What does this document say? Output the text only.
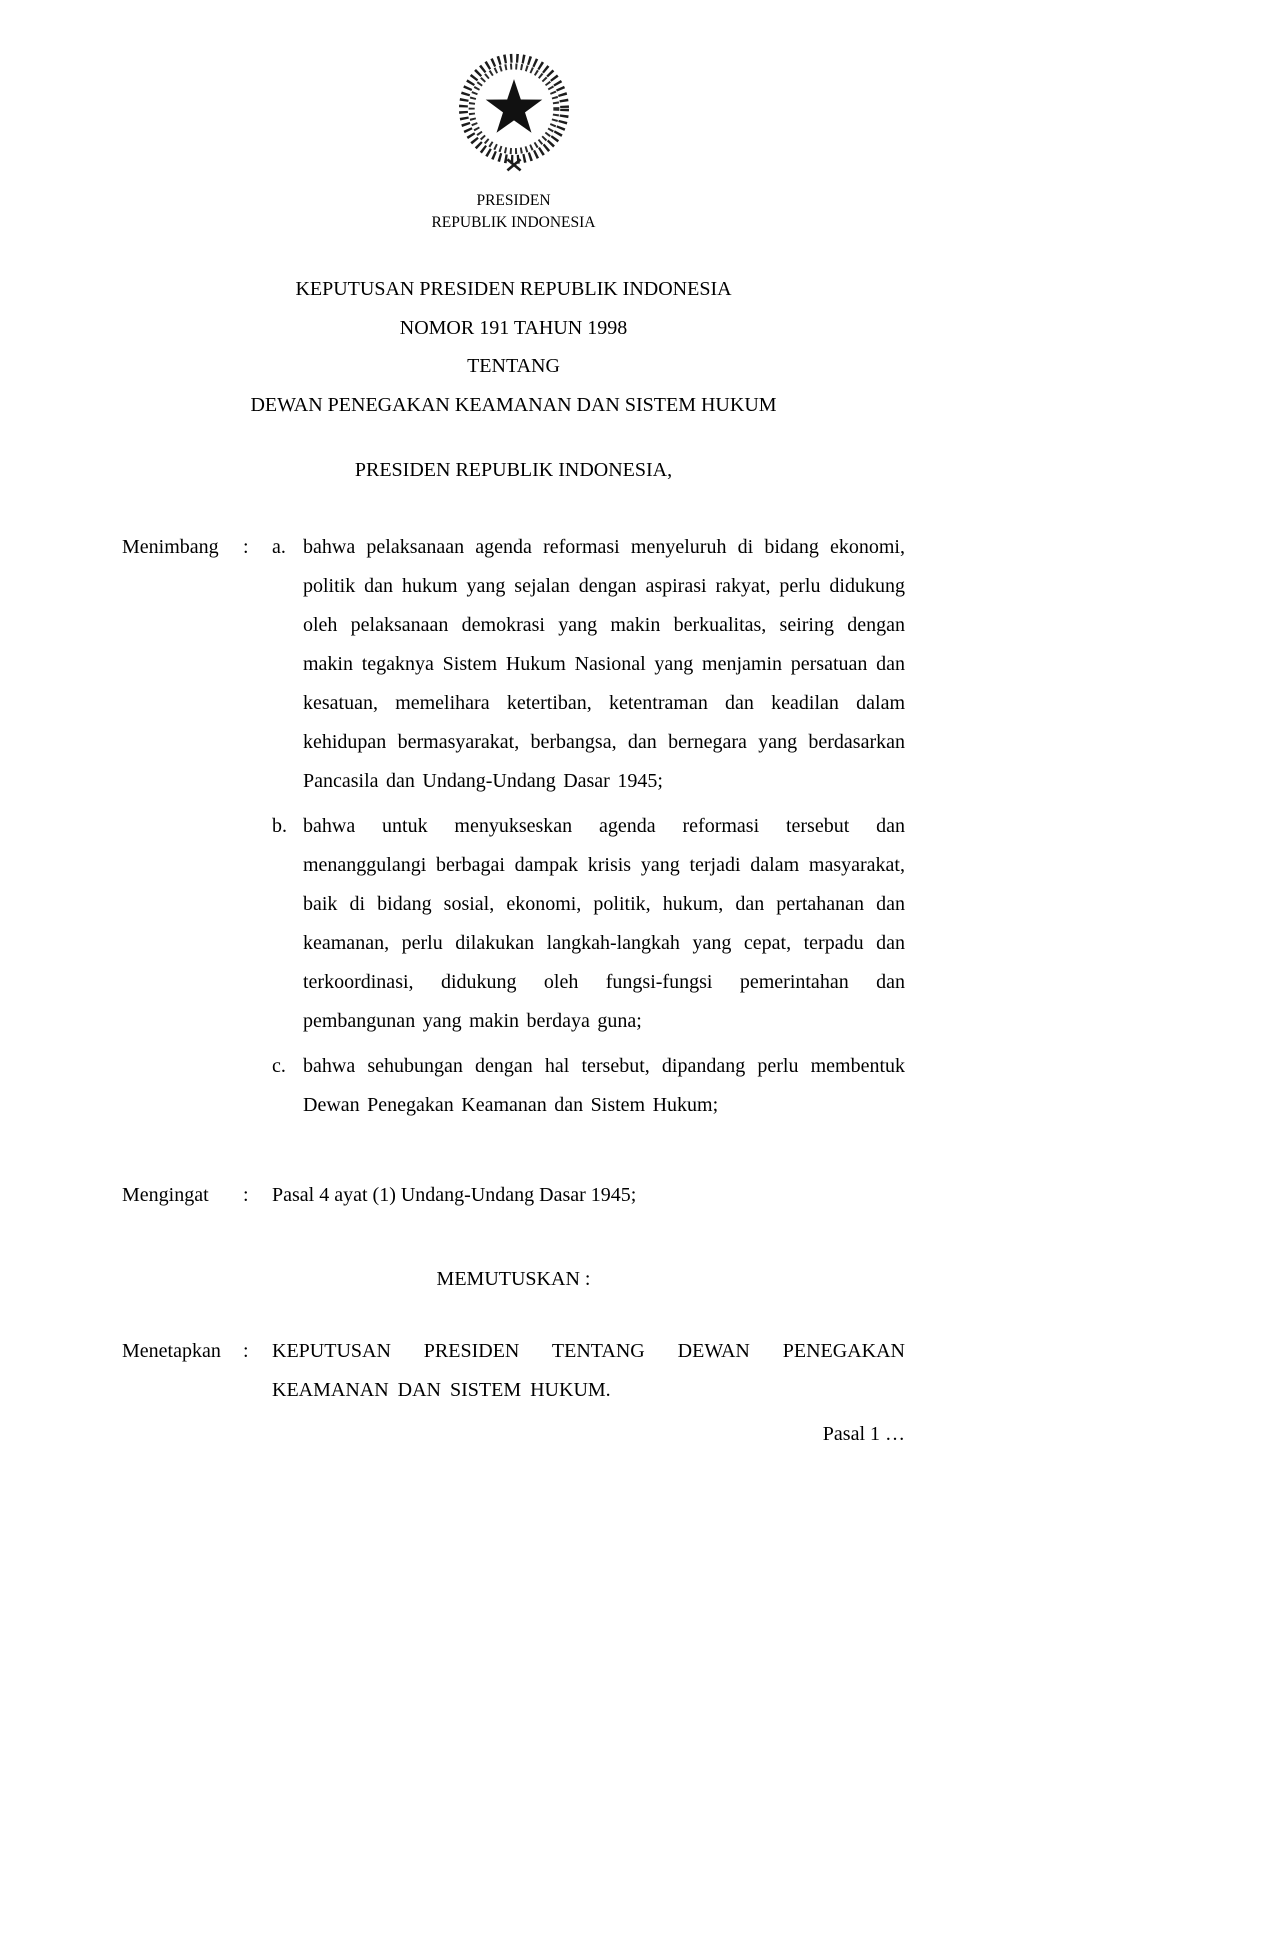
PRESIDEN
REPUBLIK INDONESIA
KEPUTUSAN PRESIDEN REPUBLIK INDONESIA
NOMOR 191 TAHUN 1998
TENTANG
DEWAN PENEGAKAN KEAMANAN DAN SISTEM HUKUM
PRESIDEN REPUBLIK INDONESIA,
Menimbang	:	a. bahwa pelaksanaan agenda reformasi menyeluruh di bidang ekonomi, politik dan hukum yang sejalan dengan aspirasi rakyat, perlu didukung oleh pelaksanaan demokrasi yang makin berkualitas, seiring dengan makin tegaknya Sistem Hukum Nasional yang menjamin persatuan dan kesatuan, memelihara ketertiban, ketentraman dan keadilan dalam kehidupan bermasyarakat, berbangsa, dan bernegara yang berdasarkan Pancasila dan Undang-Undang Dasar 1945;

b. bahwa untuk menyukseskan agenda reformasi tersebut dan menanggulangi berbagai dampak krisis yang terjadi dalam masyarakat, baik di bidang sosial, ekonomi, politik, hukum, dan pertahanan dan keamanan, perlu dilakukan langkah-langkah yang cepat, terpadu dan terkoordinasi, didukung oleh fungsi-fungsi pemerintahan dan pembangunan yang makin berdaya guna;

c. bahwa sehubungan dengan hal tersebut, dipandang perlu membentuk Dewan Penegakan Keamanan dan Sistem Hukum;

Mengingat	:	Pasal 4 ayat (1) Undang-Undang Dasar 1945;
MEMUTUSKAN :
Menetapkan	:	KEPUTUSAN PRESIDEN TENTANG DEWAN PENEGAKAN KEAMANAN DAN SISTEM HUKUM.

Pasal 1 …
